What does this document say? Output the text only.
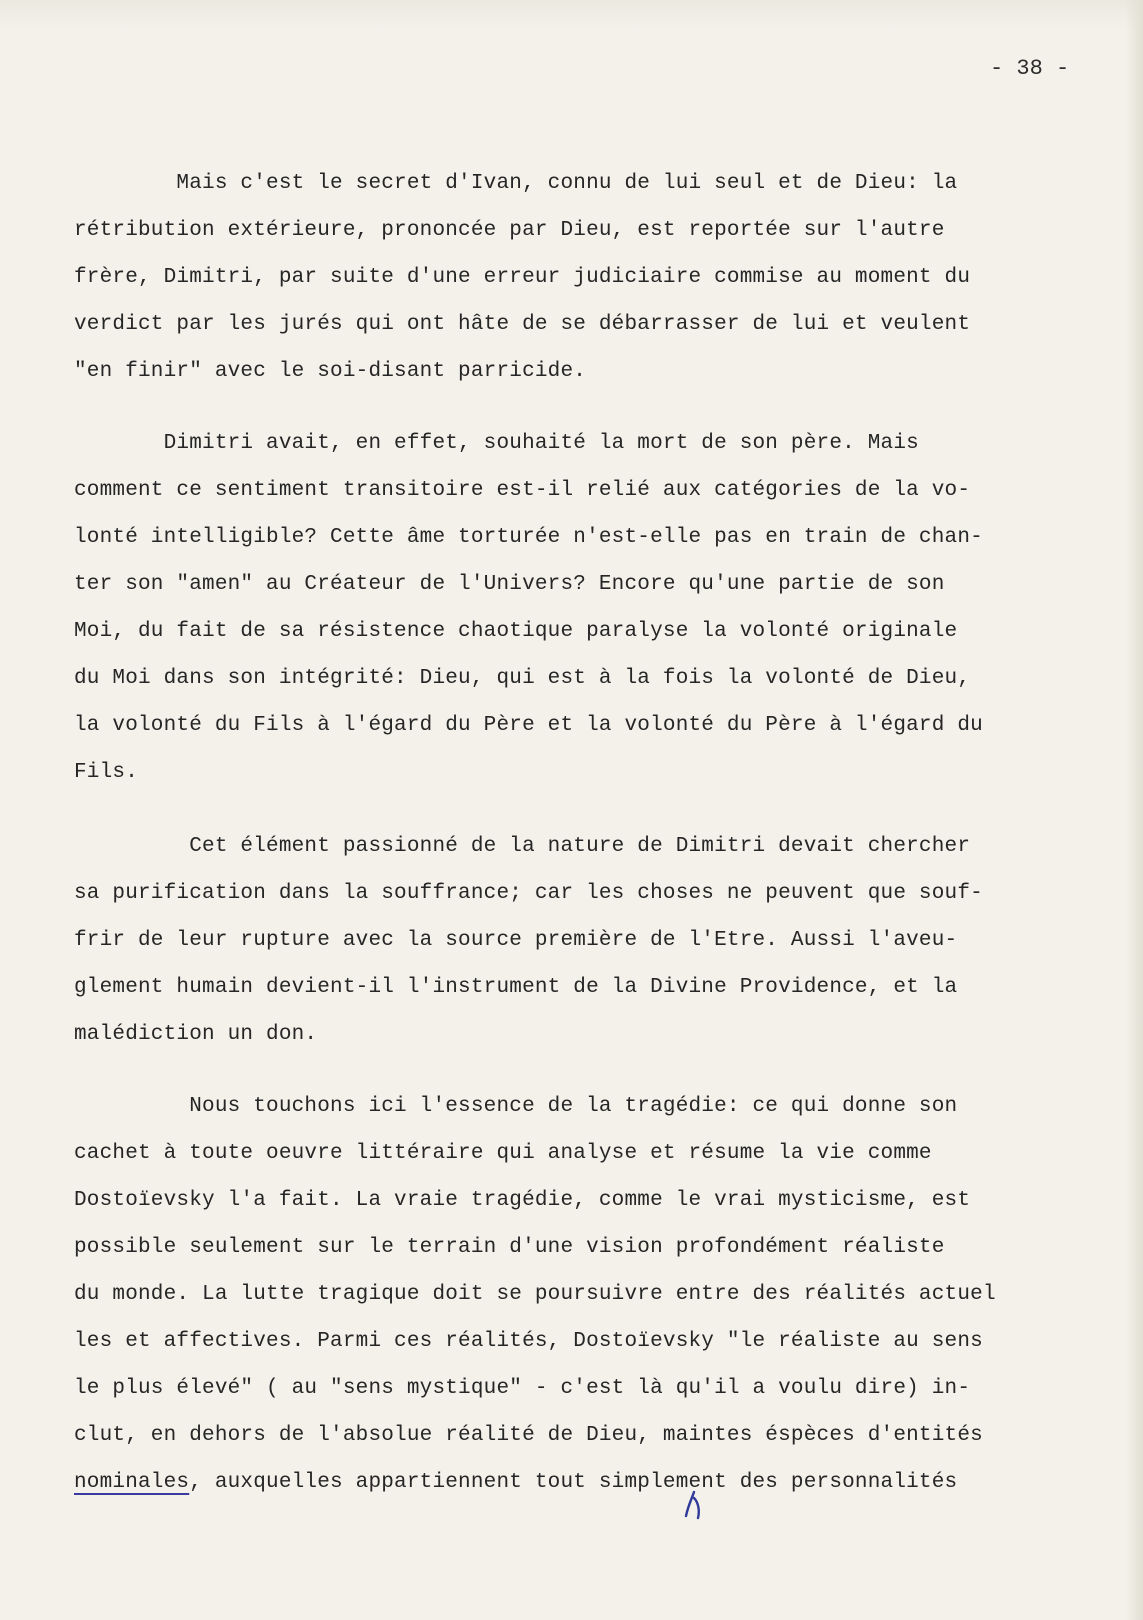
- 38 -
Mais c'est le secret d'Ivan, connu de lui seul et de Dieu: la
rétribution extérieure, prononcée par Dieu, est reportée sur l'autre
frère, Dimitri, par suite d'une erreur judiciaire commise au moment du
verdict par les jurés qui ont hâte de se débarrasser de lui et veulent
"en finir" avec le soi-disant parricide.
Dimitri avait, en effet, souhaité la mort de son père. Mais
comment ce sentiment transitoire est-il relié aux catégories de la vo-
lonté intelligible? Cette âme torturée n'est-elle pas en train de chan-
ter son "amen" au Créateur de l'Univers? Encore qu'une partie de son
Moi, du fait de sa résistence chaotique paralyse la volonté originale
du Moi dans son intégrité: Dieu, qui est à la fois la volonté de Dieu,
la volonté du Fils à l'égard du Père et la volonté du Père à l'égard du
Fils.
Cet élément passionné de la nature de Dimitri devait chercher
sa purification dans la souffrance; car les choses ne peuvent que souf-
frir de leur rupture avec la source première de l'Etre. Aussi l'aveu-
glement humain devient-il l'instrument de la Divine Providence, et la
malédiction un don.
Nous touchons ici l'essence de la tragédie: ce qui donne son
cachet à toute oeuvre littéraire qui analyse et résume la vie comme
Dostoïevsky l'a fait. La vraie tragédie, comme le vrai mysticisme, est
possible seulement sur le terrain d'une vision profondément réaliste
du monde. La lutte tragique doit se poursuivre entre des réalités actuel
les et affectives. Parmi ces réalités, Dostoïevsky "le réaliste au sens
le plus élevé" ( au "sens mystique" - c'est là qu'il a voulu dire) in-
clut, en dehors de l'absolue réalité de Dieu, maintes éspèces d'entités
nominales, auxquelles appartiennent tout simplement des personnalités
